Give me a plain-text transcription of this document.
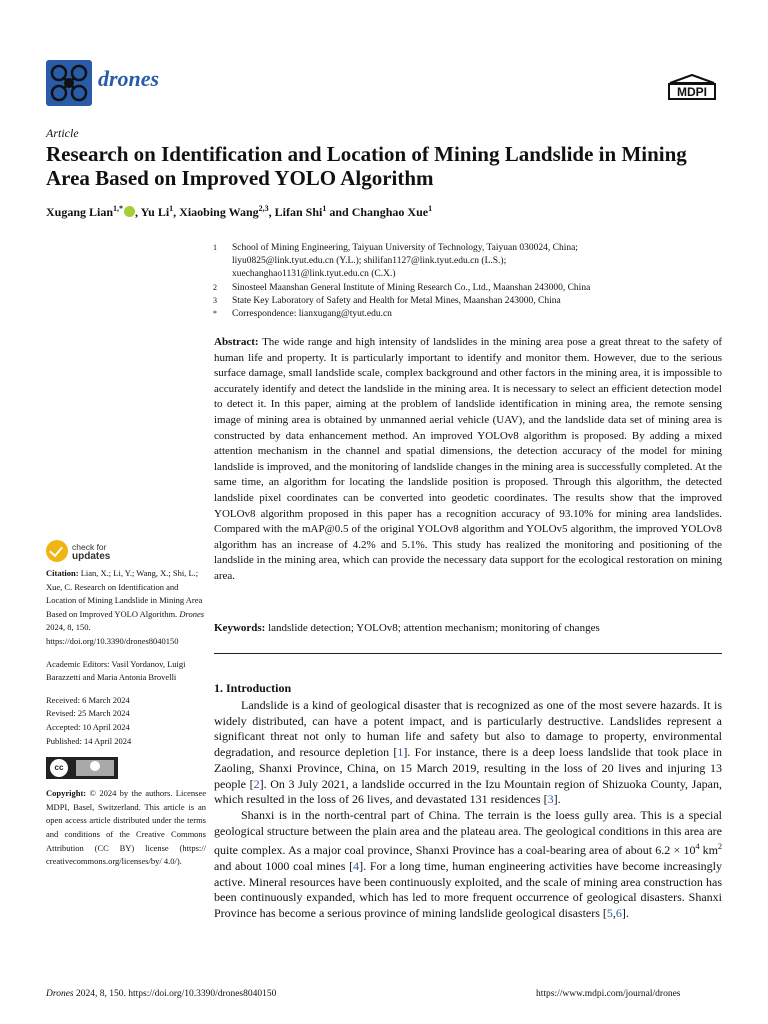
drones
MDPI
Article
Research on Identification and Location of Mining Landslide in Mining Area Based on Improved YOLO Algorithm
Xugang Lian$^{1,*}$ , Yu Li$^1$, Xiaobing Wang$^{2,3}$, Lifan Shi$^1$ and Changhao Xue$^1$
1 School of Mining Engineering, Taiyuan University of Technology, Taiyuan 030024, China;
liyu0825@link.tyut.edu.cn (Y.L.); shilifan1127@link.tyut.edu.cn (L.S.);
xuechanghao1131@link.tyut.edu.cn (C.X.)
2 Sinosteel Maanshan General Institute of Mining Research Co., Ltd., Maanshan 243000, China
3 State Key Laboratory of Safety and Health for Metal Mines, Maanshan 243000, China
* Correspondence: lianxugang@tyut.edu.cn
Abstract: The wide range and high intensity of landslides in the mining area pose a great threat to the safety of human life and property. It is particularly important to identify and monitor them. However, due to the serious surface damage, small landslide scale, complex background and other factors in the mining area, it is impossible to accurately identify and detect the landslide in the mining area. It is necessary to select an efficient detection model to detect it. In this paper, aiming at the problem of landslide identification in mining area, the remote sensing image of mining area is obtained by unmanned aerial vehicle (UAV), and the landslide data set of mining area is constructed by data enhancement method. An improved YOLOv8 algorithm is proposed. By adding a mixed attention mechanism in the channel and spatial dimensions, the detection accuracy of the model for mining landslide is improved, and the monitoring of landslide changes in the mining area is successfully completed. At the same time, an algorithm for locating the landslide position is proposed. Through this algorithm, the detected landslide pixel coordinates can be converted into geodetic coordinates. The results show that the improved YOLOv8 algorithm proposed in this paper has a recognition accuracy of 93.10% for mining area landslides. Compared with the mAP@0.5 of the original YOLOv8 algorithm and YOLOv5 algorithm, the improved YOLOv8 algorithm has an increase of 4.2% and 5.1%. This study has realized the monitoring and positioning of the landslide in the mining area, which can provide the necessary data support for the ecological restoration on mining area.
Keywords: landslide detection; YOLOv8; attention mechanism; monitoring of changes
check for
updates

Citation: Lian, X.; Li, Y.; Wang, X.; Shi, L.; Xue, C. Research on Identification and Location of Mining Landslide in Mining Area Based on Improved YOLO Algorithm. Drones 2024, 8, 150. https://doi.org/10.3390/drones8040150

Academic Editors: Vasil Yordanov, Luigi Barazzetti and Maria Antonia Brovelli

Received: 6 March 2024
Revised: 25 March 2024
Accepted: 10 April 2024
Published: 14 April 2024

cc

Copyright: © 2024 by the authors. Licensee MDPI, Basel, Switzerland. This article is an open access article distributed under the terms and conditions of the Creative Commons Attribution (CC BY) license (https:// creativecommons.org/licenses/by/ 4.0/).

1. Introduction

Landslide is a kind of geological disaster that is recognized as one of the most severe hazards. It is widely distributed, can have a potent impact, and is particularly destructive. Landslides represent a significant threat not only to human life and safety but also to damage to property, environmental degradation, and resource depletion [1]. For instance, there is a deep loess landslide that took place in Zaoling, Shanxi Province, China, on 15 March 2019, resulting in the loss of 20 lives and injuring 13 people [2]. On 3 July 2021, a landslide occurred in the Izu Mountain region of Shizuoka County, Japan, which resulted in the loss of 26 lives, and devastated 131 residences [3].

Shanxi is in the north-central part of China. The terrain is the loess gully area. This is a special geological structure between the plain area and the plateau area. The geological conditions in this area are quite complex. As a major coal province, Shanxi Province has a coal-bearing area of about $6.2 \times 10^4$ $km^2$ and about 1000 coal mines [4]. For a long time, human engineering activities have become increasingly active. Mineral resources have been continuously exploited, and the scale of mining area construction has been continuously expanded, which has led to more frequent occurrence of geological disasters. Shanxi Province has become a serious province of mining landslide geological disasters [5,6].

Drones 2024, 8, 150. https://doi.org/10.3390/drones8040150	https://www.mdpi.com/journal/drones
